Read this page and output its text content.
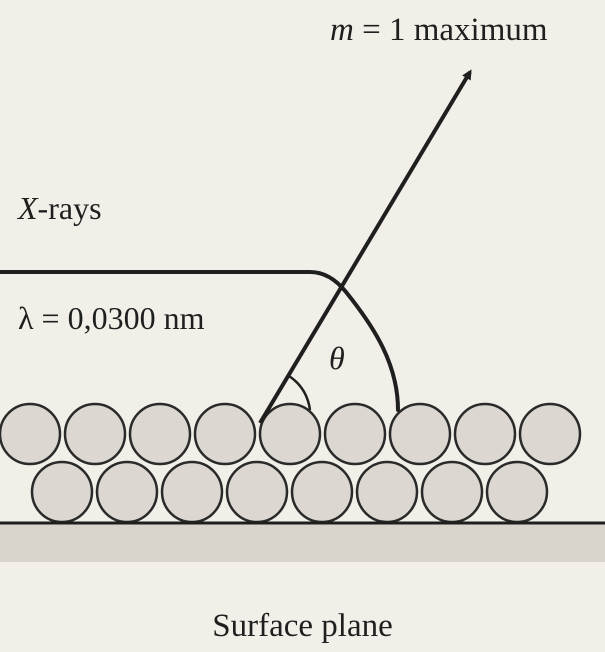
m = 1 maximum
X-rays
λ = 0,0300 nm
θ
Surface plane
